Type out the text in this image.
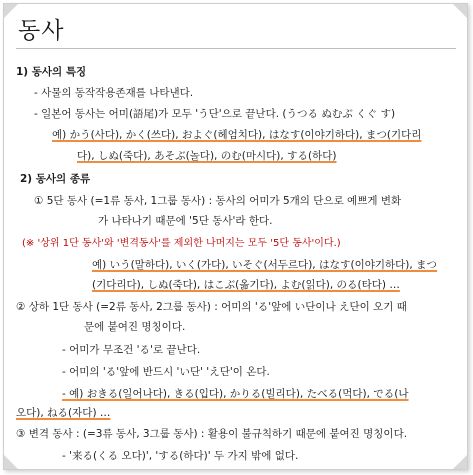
동사
1) 동사의 특징
- 사물의 동작작용존재를 나타낸다.
- 일본어 동사는 어미(語尾)가 모두 'う단'으로 끝난다. (うつる ぬむぶ くぐ す)
예) かう(사다), かく(쓰다), およぐ(헤엄치다), はなす(이야기하다), まつ(기다리
다), しぬ(죽다), あそぶ(놀다), のむ(마시다), する(하다)
2) 동사의 종류
① 5단 동사 (=1류 동사, 1그룹 동사) : 동사의 어미가 5개의 단으로 예쁘게 변화
가 나타나기 때문에 '5단 동사'라 한다.
(※ '상위 1단 동사'와 '변격동사'를 제외한 나머지는 모두 '5단 동사'이다.)
예) いう(말하다), いく(가다), いそぐ(서두르다), はなす(이야기하다), まつ
(기다리다), しぬ(죽다), はこぶ(옮기다), よむ(읽다), のる(타다) …
② 상하 1단 동사 (=2류 동사, 2그룹 동사) : 어미의 'る'앞에 い단이나 え단이 오기 때
문에 붙여진 명칭이다.
- 어미가 무조건 'る'로 끝난다.
- 어미의 'る'앞에 반드시 'い단' 'え단'이 온다.
- 예) おきる(일어나다), きる(입다), かりる(빌리다), たべる(먹다), でる(나
오다), ねる(자다) …
③ 변격 동사 : (=3류 동사, 3그룹 동사) : 활용이 불규칙하기 때문에 붙여진 명칭이다.
- '来る(くる 오다)', 'する(하다)' 두 가지 밖에 없다.
